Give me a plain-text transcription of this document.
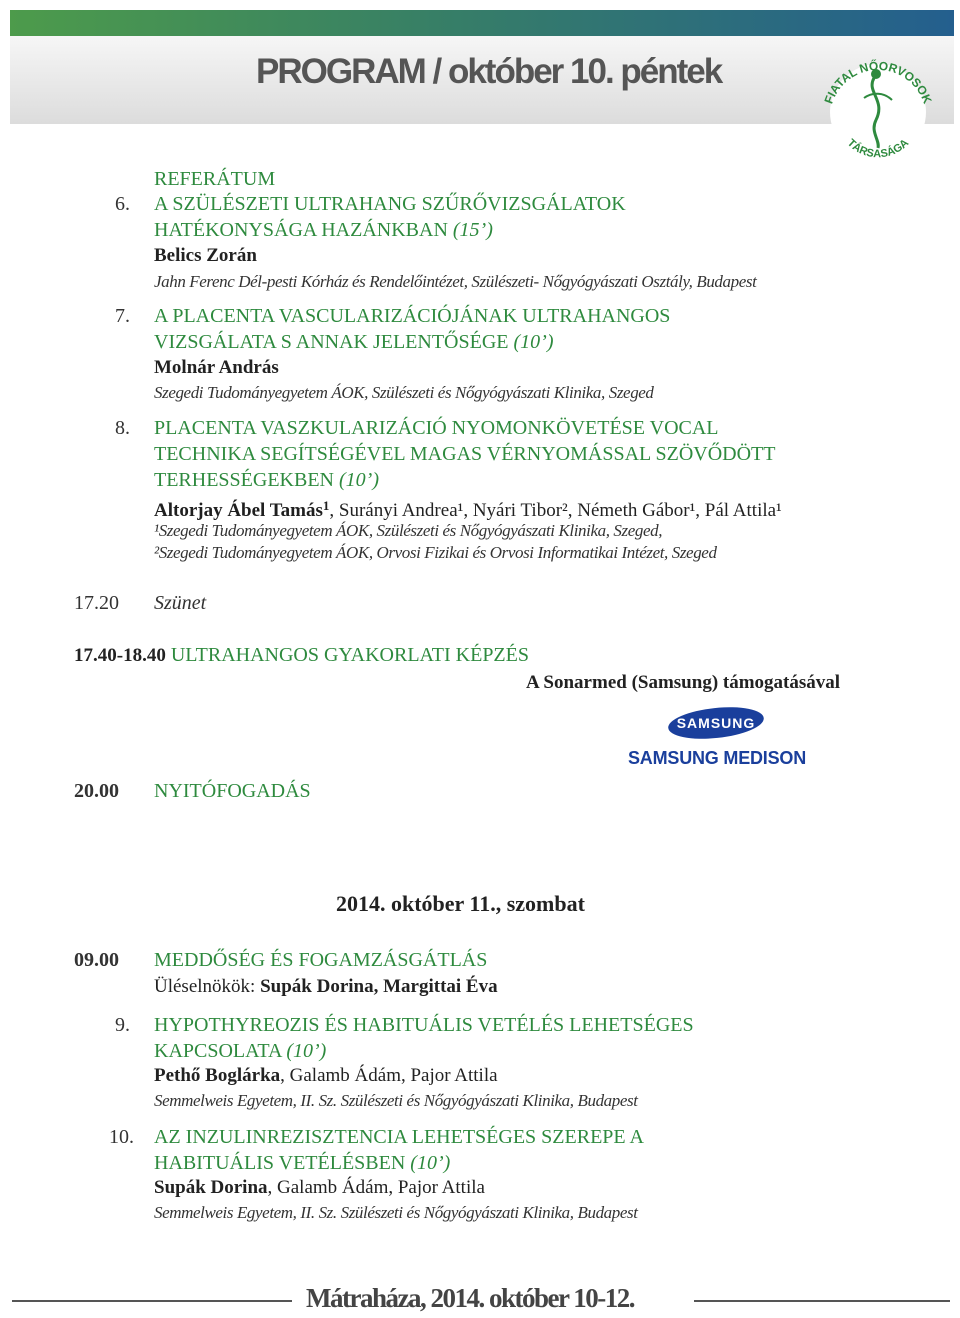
PROGRAM / október 10. péntek
FIATAL NŐORVOSOK
TÁRSASÁGA

REFERÁTUM

6. A SZÜLÉSZETI ULTRAHANG SZŰRŐVIZSGÁLATOK

HATÉKONYSÁGA HAZÁNKBAN (15’)

Belics Zorán

Jahn Ferenc Dél-pesti Kórház és Rendelőintézet, Szülészeti- Nőgyógyászati Osztály, Budapest

7. A PLACENTA VASCULARIZÁCIÓJÁNAK ULTRAHANGOS

VIZSGÁLATA S ANNAK JELENTŐSÉGE (10’)

Molnár András

Szegedi Tudományegyetem ÁOK, Szülészeti és Nőgyógyászati Klinika, Szeged

8. PLACENTA VASZKULARIZÁCIÓ NYOMONKÖVETÉSE VOCAL

TECHNIKA SEGÍTSÉGÉVEL MAGAS VÉRNYOMÁSSAL SZÖVŐDÖTT

TERHESSÉGEKBEN (10’)

Altorjay Ábel Tamás$^1$, Surányi Andrea¹, Nyári Tibor², Németh Gábor¹, Pál Attila¹

¹Szegedi Tudományegyetem ÁOK, Szülészeti és Nőgyógyászati Klinika, Szeged,

²Szegedi Tudományegyetem ÁOK, Orvosi Fizikai és Orvosi Informatikai Intézet, Szeged

17.20 Szünet

17.40-18.40 ULTRAHANGOS GYAKORLATI KÉPZÉS

A Sonarmed (Samsung) támogatásával

SAMSUNG
SAMSUNG MEDISON

20.00 NYITÓFOGADÁS

2014. október 11., szombat

09.00 MEDDŐSÉG ÉS FOGAMZÁSGÁTLÁS

Üléselnökök: Supák Dorina, Margittai Éva

9. HYPOTHYREOZIS ÉS HABITUÁLIS VETÉLÉS LEHETSÉGES

KAPCSOLATA (10’)

Pethő Boglárka, Galamb Ádám, Pajor Attila

Semmelweis Egyetem, II. Sz. Szülészeti és Nőgyógyászati Klinika, Budapest

10. AZ INZULINREZISZTENCIA LEHETSÉGES SZEREPE A

HABITUÁLIS VETÉLÉSBEN (10’)

Supák Dorina, Galamb Ádám, Pajor Attila

Semmelweis Egyetem, II. Sz. Szülészeti és Nőgyógyászati Klinika, Budapest

Mátraháza, 2014. október 10-12.
